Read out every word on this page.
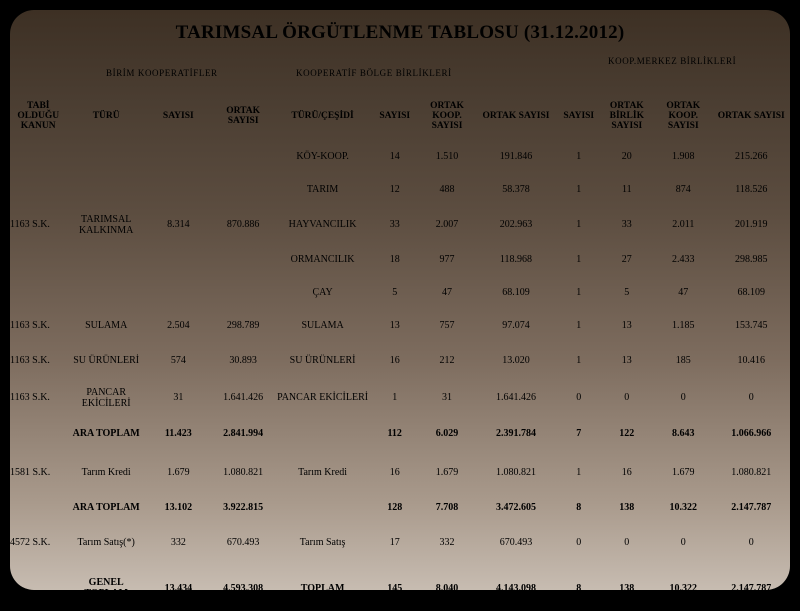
TARIMSAL ÖRGÜTLENME TABLOSU (31.12.2012)
BİRİM KOOPERATİFLER	KOOPERATİF BÖLGE BİRLİKLERİ
KOOP.MERKEZ BİRLİKLERİ
TABİ OLDUĞU KANUN	TÜRÜ	SAYISI	ORTAK SAYISI	TÜRÜ/ÇEŞİDİ	SAYISI	ORTAK KOOP. SAYISI	ORTAK SAYISI	SAYISI	ORTAK BİRLİK SAYISI	ORTAK KOOP. SAYISI	ORTAK SAYISI
				KÖY-KOOP.	14	1.510	191.846	1	20	1.908	215.266
				TARIM	12	488	58.378	1	11	874	118.526
1163 S.K.	TARIMSAL KALKINMA	8.314	870.886	HAYVANCILIK	33	2.007	202.963	1	33	2.011	201.919
				ORMANCILIK	18	977	118.968	1	27	2.433	298.985
				ÇAY	5	47	68.109	1	5	47	68.109
1163 S.K.	SULAMA	2.504	298.789	SULAMA	13	757	97.074	1	13	1.185	153.745
1163 S.K.	SU ÜRÜNLERİ	574	30.893	SU ÜRÜNLERİ	16	212	13.020	1	13	185	10.416
1163 S.K.	PANCAR EKİCİLERİ	31	1.641.426	PANCAR EKİCİLERİ	1	31	1.641.426	0	0	0	0
	ARA TOPLAM	11.423	2.841.994		112	6.029	2.391.784	7	122	8.643	1.066.966
1581 S.K.	Tarım Kredi	1.679	1.080.821	Tarım Kredi	16	1.679	1.080.821	1	16	1.679	1.080.821
	ARA TOPLAM	13.102	3.922.815		128	7.708	3.472.605	8	138	10.322	2.147.787
4572 S.K.	Tarım Satış(*)	332	670.493	Tarım Satış	17	332	670.493	0	0	0	0
	GENEL TOPLAM	13.434	4.593.308	TOPLAM	145	8.040	4.143.098	8	138	10.322	2.147.787
